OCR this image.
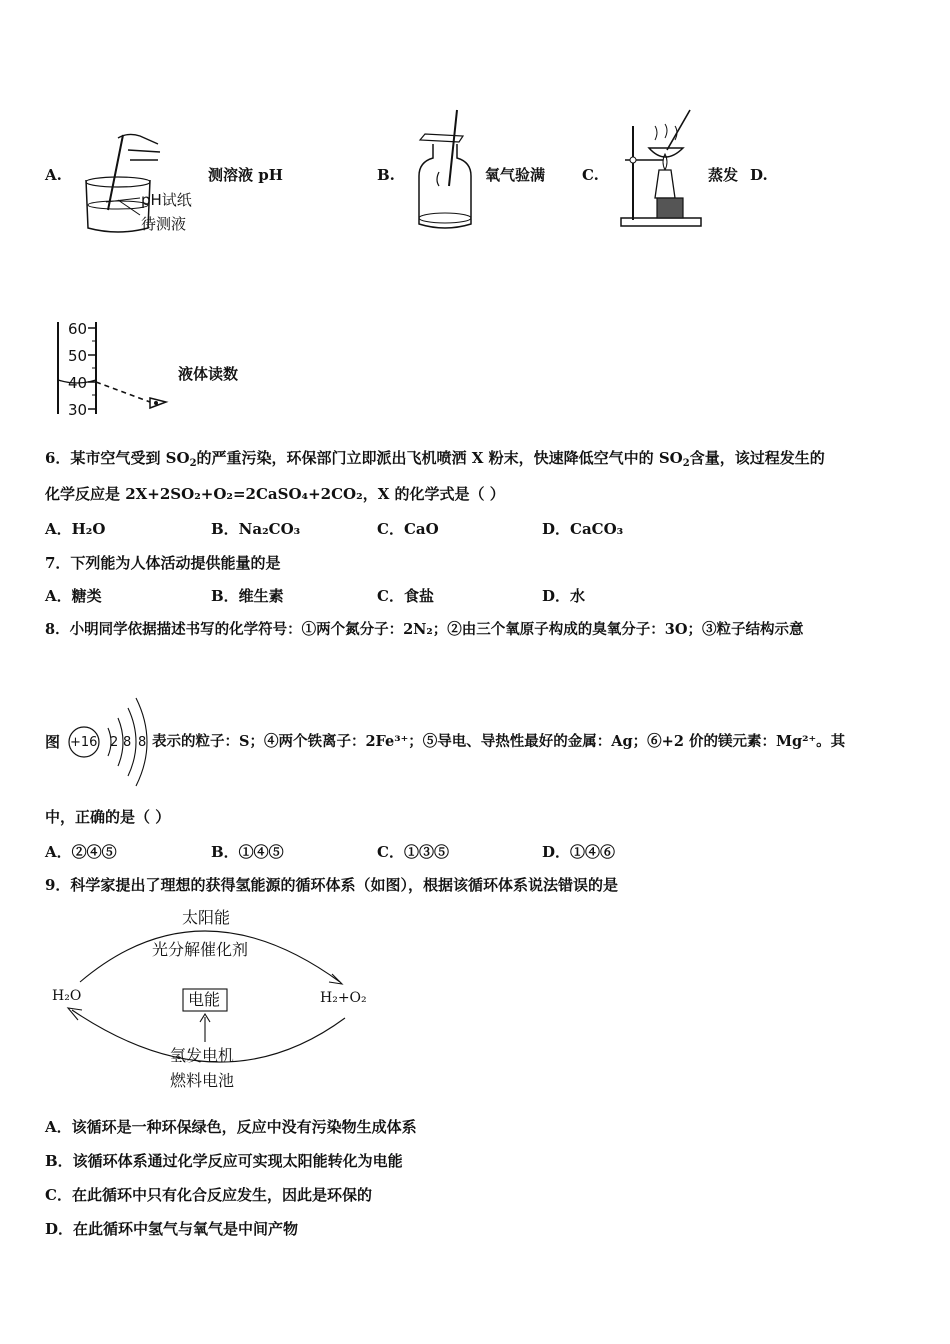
A.
pH试纸
待测液
测溶液 pH	B.	氧气验满 C.	蒸发 D.
60
50
40
30
液体读数
6．某市空气受到 $SO_2$的严重污染，环保部门立即派出飞机喷洒 X 粉末，快速降低空气中的 $SO_2$含量，该过程发生的
化学反应是 2X+2SO₂+O₂=2CaSO₄+2CO₂，X 的化学式是（ ）
A．H₂O	B．Na₂CO₃	C．CaO	D．CaCO₃
7．下列能为人体活动提供能量的是
A．糖类	B．维生素	C．食盐	D．水
8．小明同学依据描述书写的化学符号：①两个氮分子：2N₂；②由三个氧原子构成的臭氧分子：3O；③粒子结构示意
图 +16 2 8 8 表示的粒子：S；④两个铁离子：2Fe³⁺；⑤导电、导热性最好的金属：Ag；⑥+2 价的镁元素：Mg²⁺。其
中，正确的是（ ）
A．②④⑤	B．①④⑤	C．①③⑤	D．①④⑥
9．科学家提出了理想的获得氢能源的循环体系（如图），根据该循环体系说法错误的是
太阳能
光分解催化剂
H₂O	H₂+O₂
电能
氢发电机
燃料电池
A．该循环是一种环保绿色，反应中没有污染物生成体系
B．该循环体系通过化学反应可实现太阳能转化为电能
C．在此循环中只有化合反应发生，因此是环保的
D．在此循环中氢气与氧气是中间产物
